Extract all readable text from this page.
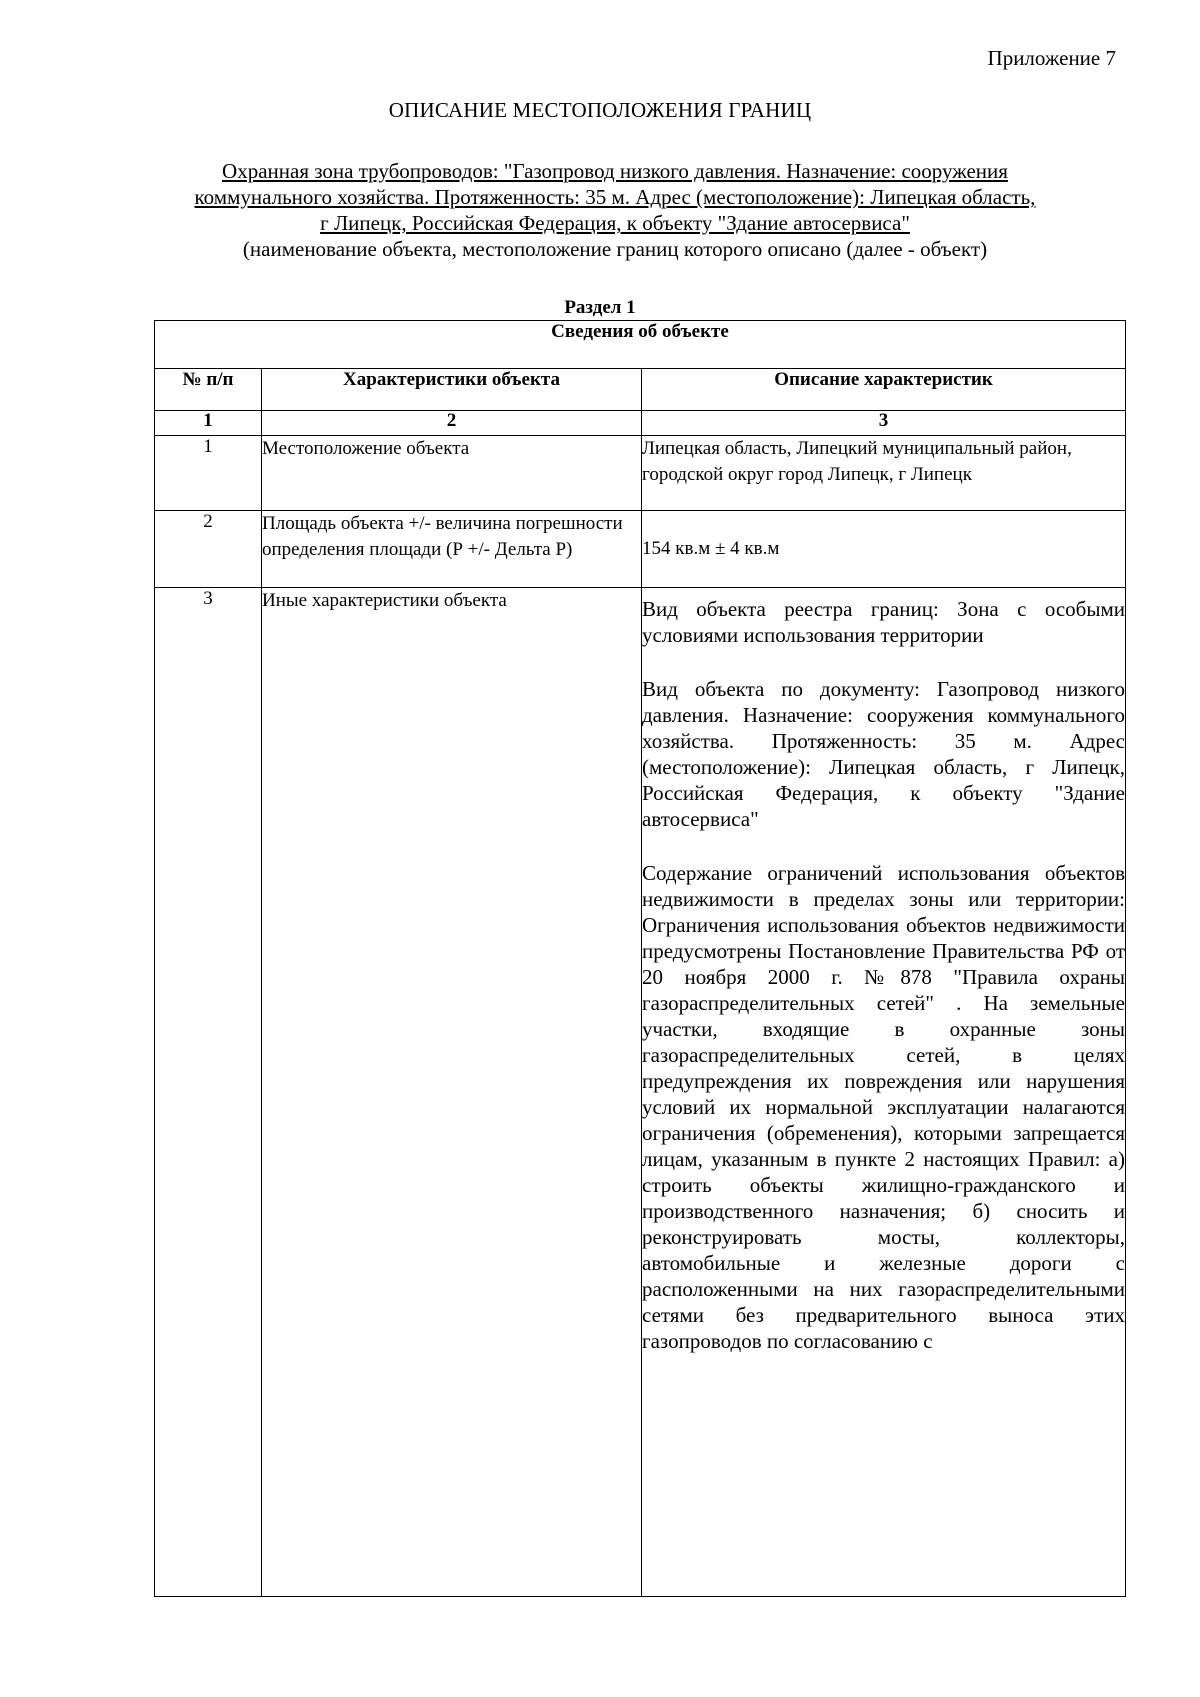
Приложение 7
ОПИСАНИЕ МЕСТОПОЛОЖЕНИЯ ГРАНИЦ
Охранная зона трубопроводов: "Газопровод низкого давления. Назначение: сооружения
коммунального хозяйства. Протяженность: 35 м. Адрес (местоположение): Липецкая область,
г Липецк, Российская Федерация, к объекту "Здание автосервиса"
(наименование объекта, местоположение границ которого описано (далее - объект)
Раздел 1
Сведения об объекте		
№ п/п	Характеристики объекта	Описание характеристик
1	2	3
1	Местоположение объекта	Липецкая область, Липецкий муниципальный район, городской округ город Липецк, г Липецк
2	Площадь объекта +/- величина погрешности определения площади (Р +/- Дельта Р)	154 кв.м ± 4 кв.м
3	Иные характеристики объекта	Вид объекта реестра границ: Зона с особыми условиями использования территории

Вид объекта по документу: Газопровод низкого давления. Назначение: сооружения коммунального хозяйства. Протяженность: 35 м. Адрес (местоположение): Липецкая область, г Липецк, Российская Федерация, к объекту "Здание автосервиса"

Содержание ограничений использования объектов недвижимости в пределах зоны или территории: Ограничения использования объектов недвижимости предусмотрены Постановление Правительства РФ от 20 ноября 2000 г. №878 "Правила охраны газораспределительных сетей" . На земельные участки, входящие в охранные зоны газораспределительных сетей, в целях предупреждения их повреждения или нарушения условий их нормальной эксплуатации налагаются ограничения (обременения), которыми запрещается лицам, указанным в пункте 2 настоящих Правил: а) строить объекты жилищно-гражданского и производственного назначения; б) сносить и реконструировать мосты, коллекторы, автомобильные и железные дороги с расположенными на них газораспределительными сетями без предварительного выноса этих газопроводов по согласованию с
